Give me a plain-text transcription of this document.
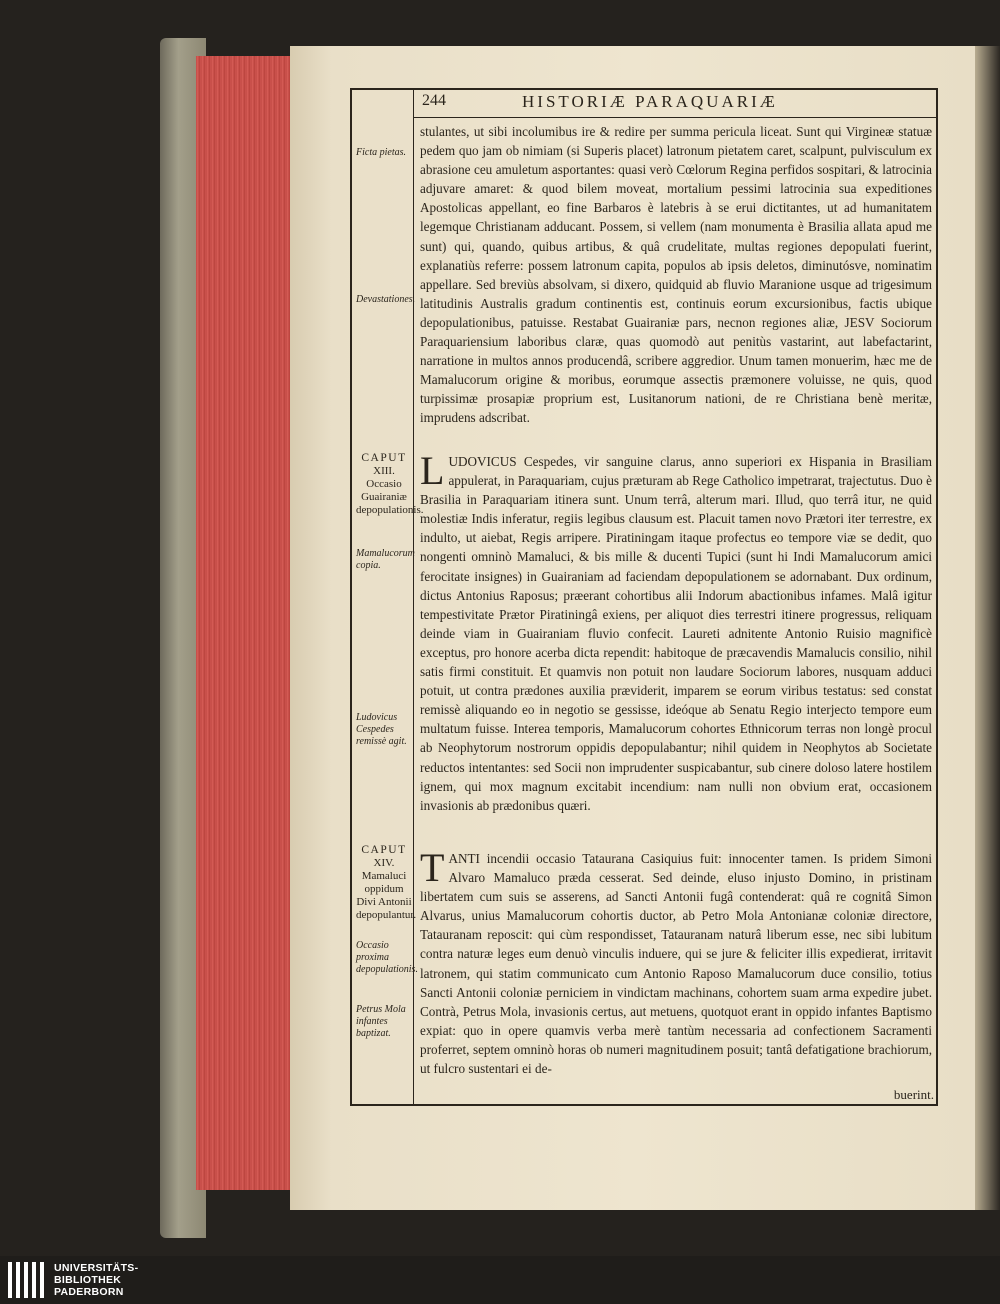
244	HISTORIÆ PARAQUARIÆ
Ficta pietas.
Devastationes.
CAPUT
XIII.
Occasio Guairaniæ depopulationis.
Mamalucorum copia.
Ludovicus Cespedes remissè agit.
CAPUT
XIV.
Mamaluci oppidum Divi Antonii depopulantur.
Occasio proxima depopulationis.
Petrus Mola infantes baptizat.

stulantes, ut sibi incolumibus ire & redire per summa pericula liceat. Sunt qui Virgineæ statuæ pedem quo jam ob nimiam (si Superis placet) latronum pietatem caret, scalpunt, pulvisculum ex abrasione ceu amuletum asportantes: quasi verò Cœlorum Regina perfidos sospitari, & latrocinia adjuvare amaret: & quod bilem moveat, mortalium pessimi latrocinia sua expeditiones Apostolicas appellant, eo fine Barbaros è latebris à se erui dictitantes, ut ad humanitatem legemque Christianam adducant. Possem, si vellem (nam monumenta è Brasilia allata apud me sunt) qui, quando, quibus artibus, & quâ crudelitate, multas regiones depopulati fuerint, explanatiùs referre: possem latronum capita, populos ab ipsis deletos, diminutósve, nominatim appellare. Sed breviùs absolvam, si dixero, quidquid ab fluvio Maranione usque ad trigesimum latitudinis Australis gradum continentis est, continuis eorum excursionibus, factis ubique depopulationibus, patuisse. Restabat Guairaniæ pars, necnon regiones aliæ, JESV Sociorum Paraquariensium laboribus claræ, quas quomodò aut penitùs vastarint, aut labefactarint, narratione in multos annos producendâ, scribere aggredior. Unum tamen monuerim, hæc me de Mamalucorum origine & moribus, eorumque assectis præmonere voluisse, ne quis, quod turpissimæ prosapiæ proprium est, Lusitanorum nationi, de re Christiana benè meritæ, imprudens adscribat.

LUDOVICUS Cespedes, vir sanguine clarus, anno superiori ex Hispania in Brasiliam appulerat, in Paraquariam, cujus præturam ab Rege Catholico impetrarat, trajectutus. Duo è Brasilia in Paraquariam itinera sunt. Unum terrâ, alterum mari. Illud, quo terrâ itur, ne quid molestiæ Indis inferatur, regiis legibus clausum est. Placuit tamen novo Prætori iter terrestre, ex indulto, ut aiebat, Regis arripere. Piratiningam itaque profectus eo tempore viæ se dedit, quo nongenti omninò Mamaluci, & bis mille & ducenti Tupici (sunt hi Indi Mamalucorum amici ferocitate insignes) in Guairaniam ad faciendam depopulationem se adornabant. Dux ordinum, dictus Antonius Raposus; præerant cohortibus alii Indorum abactionibus infames. Malâ igitur tempestivitate Prætor Piratiningâ exiens, per aliquot dies terrestri itinere progressus, reliquam deinde viam in Guairaniam fluvio confecit. Laureti adnitente Antonio Ruisio magnificè exceptus, pro honore acerba dicta rependit: habitoque de præcavendis Mamalucis consilio, nihil satis firmi constituit. Et quamvis non potuit non laudare Sociorum labores, nusquam adduci potuit, ut contra prædones auxilia præviderit, imparem se eorum viribus testatus: sed constat remissè aliquando eo in negotio se gessisse, ideóque ab Senatu Regio interjecto tempore eum multatum fuisse. Interea temporis, Mamalucorum cohortes Ethnicorum terras non longè procul ab Neophytorum nostrorum oppidis depopulabantur; nihil quidem in Neophytos ab Societate reductos intentantes: sed Socii non imprudenter suspicabantur, sub cinere doloso latere hostilem ignem, qui mox magnum excitabit incendium: nam nulli non obvium erat, occasionem invasionis ab prædonibus quæri.

TANTI incendii occasio Tataurana Casiquius fuit: innocenter tamen. Is pridem Simoni Alvaro Mamaluco præda cesserat. Sed deinde, eluso injusto Domino, in pristinam libertatem cum suis se asserens, ad Sancti Antonii fugâ contenderat: quâ re cognitâ Simon Alvarus, unius Mamalucorum cohortis ductor, ab Petro Mola Antonianæ coloniæ directore, Tatauranam reposcit: qui cùm respondisset, Tatauranam naturâ liberum esse, nec sibi lubitum contra naturæ leges eum denuò vinculis induere, qui se jure & feliciter illis expedierat, irritavit latronem, qui statim communicato cum Antonio Raposo Mamalucorum duce consilio, totius Sancti Antonii coloniæ perniciem in vindictam machinans, cohortem suam arma expedire jubet. Contrà, Petrus Mola, invasionis certus, aut metuens, quotquot erant in oppido infantes Baptismo expiat: quo in opere quamvis verba merè tantùm necessaria ad confectionem Sacramenti proferret, septem omninò horas ob numeri magnitudinem posuit; tantâ defatigatione brachiorum, ut fulcro sustentari ei de-

buerint.
UNIVERSITÄTS-
BIBLIOTHEK
PADERBORN
